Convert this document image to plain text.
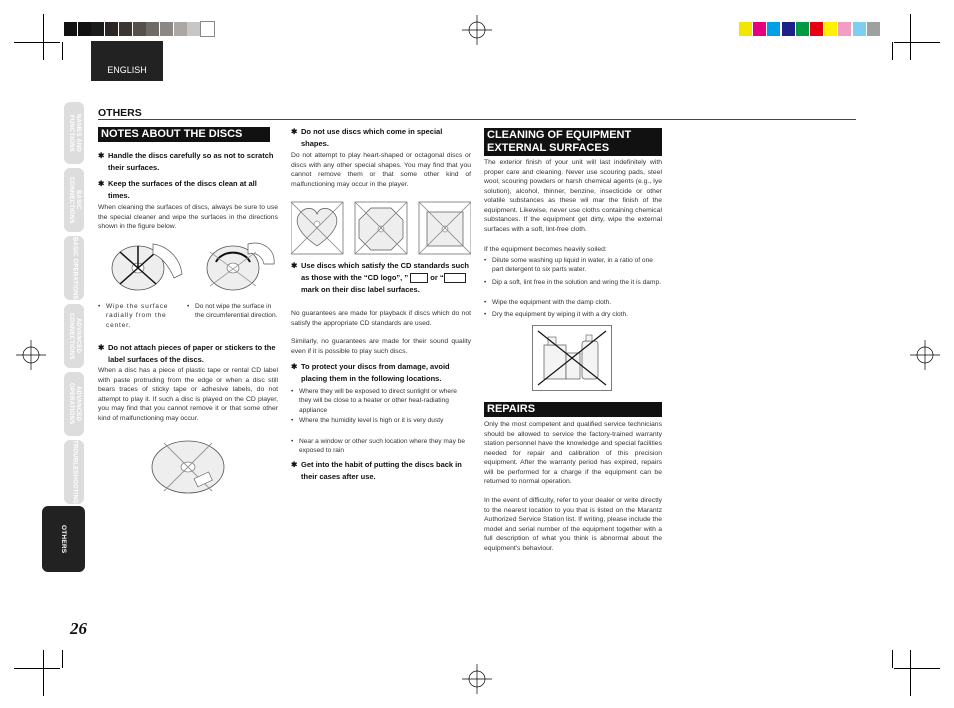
ENGLISH
OTHERS
NAMES AND FUNCTIONS
BASIC CONNECTIONS
BASIC OPERATIONS
ADVANCED CONNECTIONS
ADVANCED OPERATIONS
TROUBLESHOOTING
OTHERS
NOTES ABOUT THE DISCS
✱ Handle the discs carefully so as not to scratch their surfaces.
✱ Keep the surfaces of the discs clean at all times.
When cleaning the surfaces of discs, always be sure to use the special cleaner and wipe the surfaces in the directions shown in the figure below.
• Wipe the surface radially from the center.
• Do not wipe the surface in the circumferential direction.
✱ Do not attach pieces of paper or stickers to the label surfaces of the discs.
When a disc has a piece of plastic tape or rental CD label with paste protruding from the edge or when a disc still bears traces of sticky tape or adhesive labels, do not attempt to play it. If such a disc is played on the CD player, you may find that you cannot remove it or that some other kind of malfunctioning may occur.
✱ Do not use discs which come in special shapes.
Do not attempt to play heart-shaped or octagonal discs or discs with any other special shapes. You may find that you cannot remove them or that some other kind of malfunctioning may occur in the player.
✱ Use discs which satisfy the CD standards such as those with the “CD logo”, ”	or “ mark on their disc label surfaces.
No guarantees are made for playback if discs which do not satisfy the appropriate CD standards are used.
Similarly, no guarantees are made for their sound quality even if it is possible to play such discs.
✱ To protect your discs from damage, avoid placing them in the following locations.
• Where they will be exposed to direct sunlight or where they will be close to a heater or other heat-radiating appliance
• Where the humidity level is high or it is very dusty
• Near a window or other such location where they may be exposed to rain
✱ Get into the habit of putting the discs back in their cases after use.
CLEANING OF EQUIPMENT
EXTERNAL SURFACES
The exterior finish of your unit will last indefinitely with proper care and cleaning. Never use scouring pads, steel wool, scouring powders or harsh chemical agents (e.g., lye solution), alcohol, thinner, benzine, insecticide or other volatile substances as these wil mar the finish of the equipment. Likewise, never use cloths containing chemical substances. If the equipment get dirty, wipe the external surfaces with a soft, lint-free cloth.
If the equipment becomes heavily soiled:
• Dilute some washing up liquid in water, in a ratio of one part detergent to six parts water.
• Dip a soft, lint free in the solution and wring the it is damp.
• Wipe the equipment with the damp cloth.
• Dry the equipment by wiping it with a dry cloth.
REPAIRS
Only the most competent and qualified service technicians should be allowed to service the factory-trained warranty station personnel have the knowledge and special facilities needed for repair and calibration of this precision equipment. After the warranty period has expired, repairs will be performed for a charge if the equipment can be returned to normal operation.
In the event of difficulty, refer to your dealer or write directly to the nearest location to you that is listed on the Marantz Authorized Service Station list. If writing, please include the model and serial number of the equipment together with a full description of what you think is abnormal about the equipment's behaviour.
26
